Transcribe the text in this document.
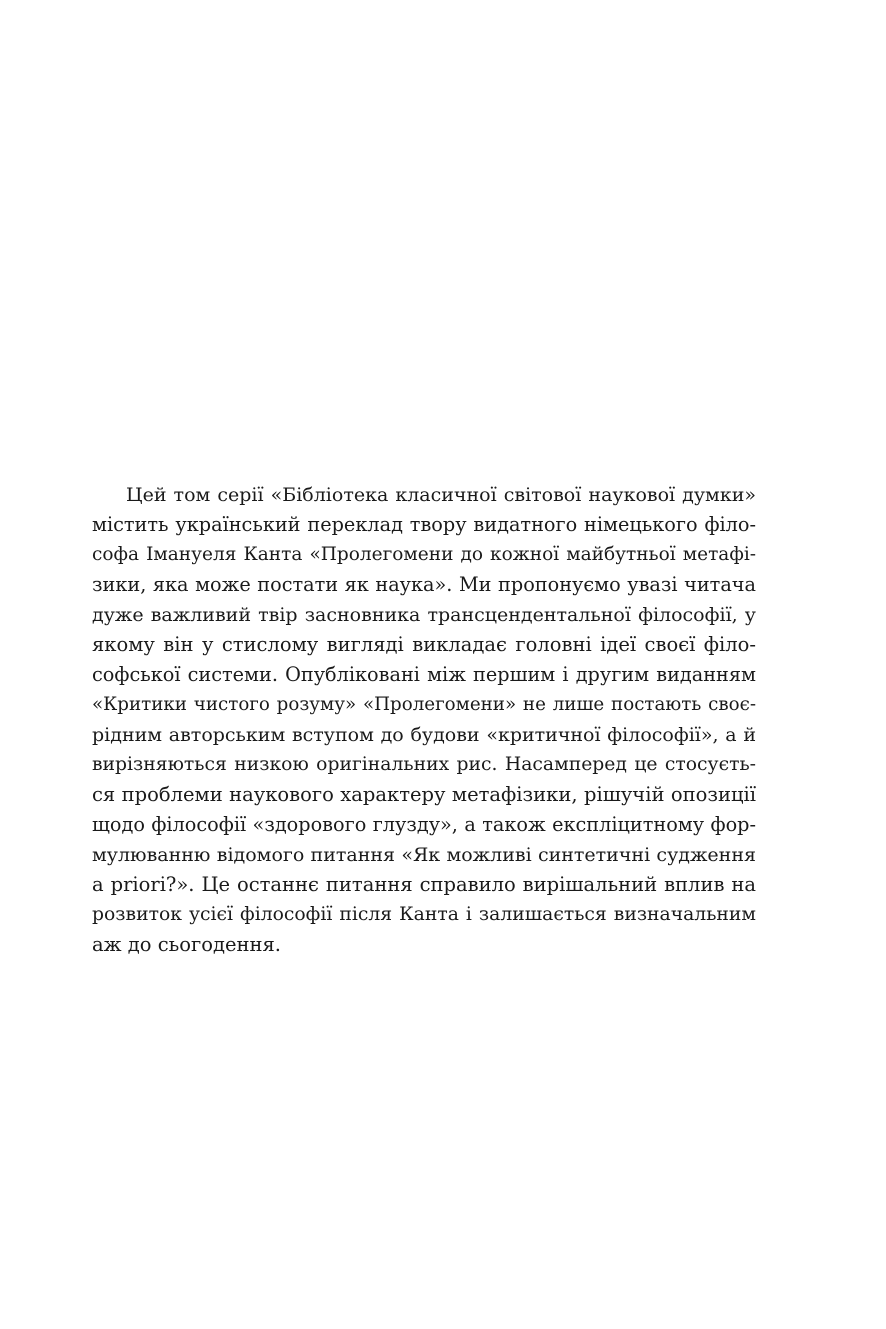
Цей том серії «Бібліотека класичної світової наукової думки»
містить український переклад твору видатного німецького філо-
софа Імануеля Канта «Пролегомени до кожної майбутньої метафі-
зики, яка може постати як наука». Ми пропонуємо увазі читача
дуже важливий твір засновника трансцендентальної філософії, у
якому він у стислому вигляді викладає головні ідеї своєї філо-
софської системи. Опубліковані між першим і другим виданням
«Критики чистого розуму» «Пролегомени» не лише постають своє-
рідним авторським вступом до будови «критичної філософії», а й
вирізняються низкою оригінальних рис. Насамперед це стосуєть-
ся проблеми наукового характеру метафізики, рішучій опозиції
щодо філософії «здорового глузду», а також експліцитному фор-
мулюванню відомого питання «Як можливі синтетичні судження
a priori?». Це останнє питання справило вирішальний вплив на
розвиток усієї філософії після Канта і залишається визначальним
аж до сьогодення.
